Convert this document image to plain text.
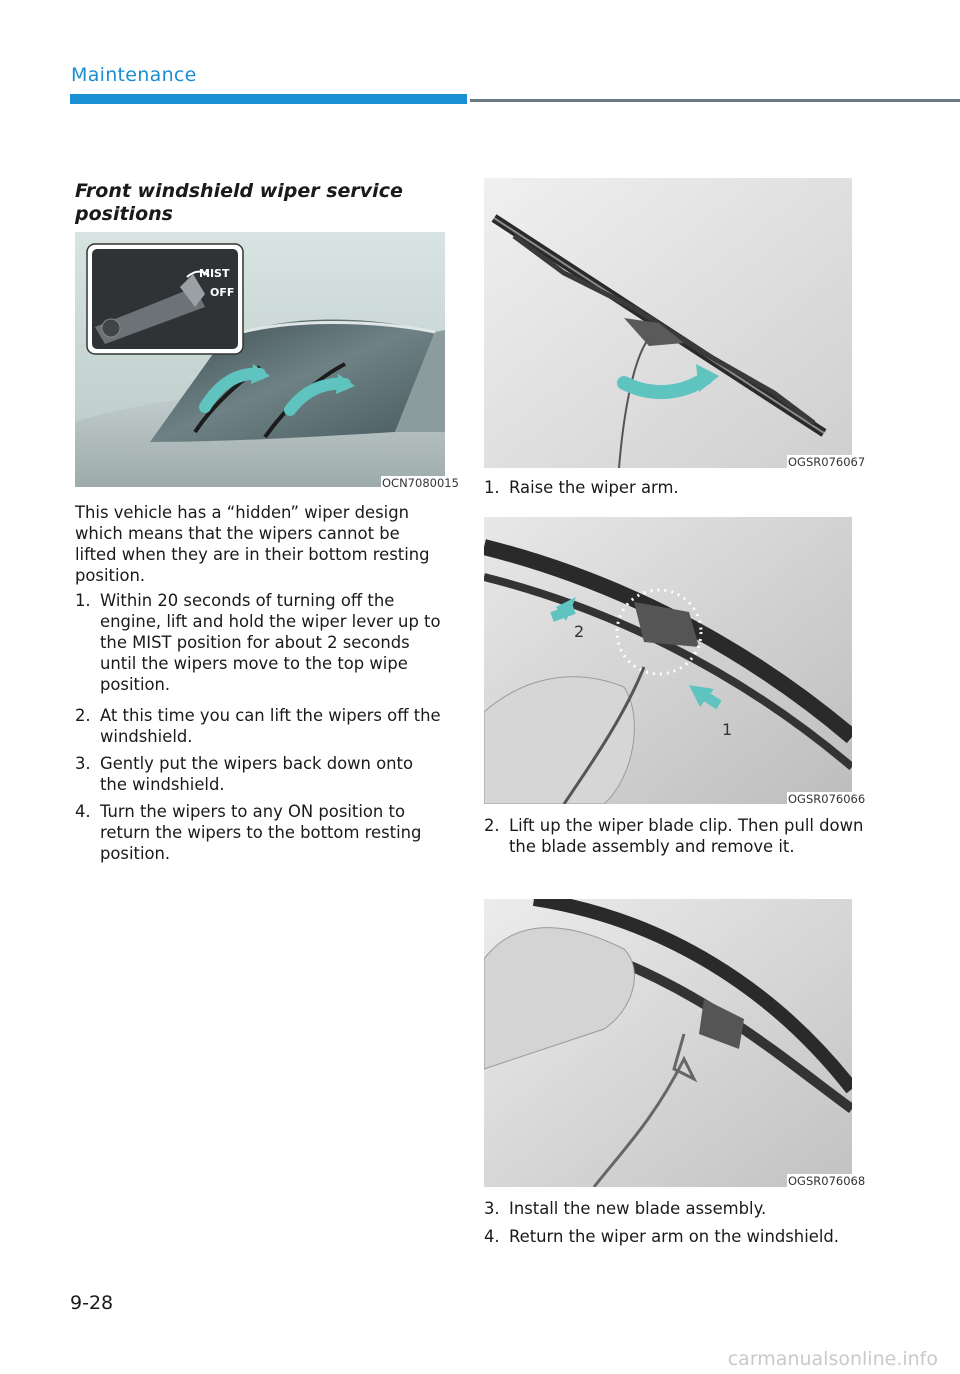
Maintenance
Front windshield wiper service positions
MIST
OFF
OCN7080015
This vehicle has a “hidden” wiper design which means that the wipers cannot be lifted when they are in their bottom resting position.
1. Within 20 seconds of turning off the engine, lift and hold the wiper lever up to the MIST position for about 2 seconds until the wipers move to the top wipe position.
2. At this time you can lift the wipers off the windshield.
3. Gently put the wipers back down onto the windshield.
4. Turn the wipers to any ON position to return the wipers to the bottom resting position.
OGSR076067
1. Raise the wiper arm.
2
1
OGSR076066
2. Lift up the wiper blade clip. Then pull down the blade assembly and remove it.
OGSR076068
3. Install the new blade assembly.
4. Return the wiper arm on the windshield.
9-28
carmanualsonline.info
